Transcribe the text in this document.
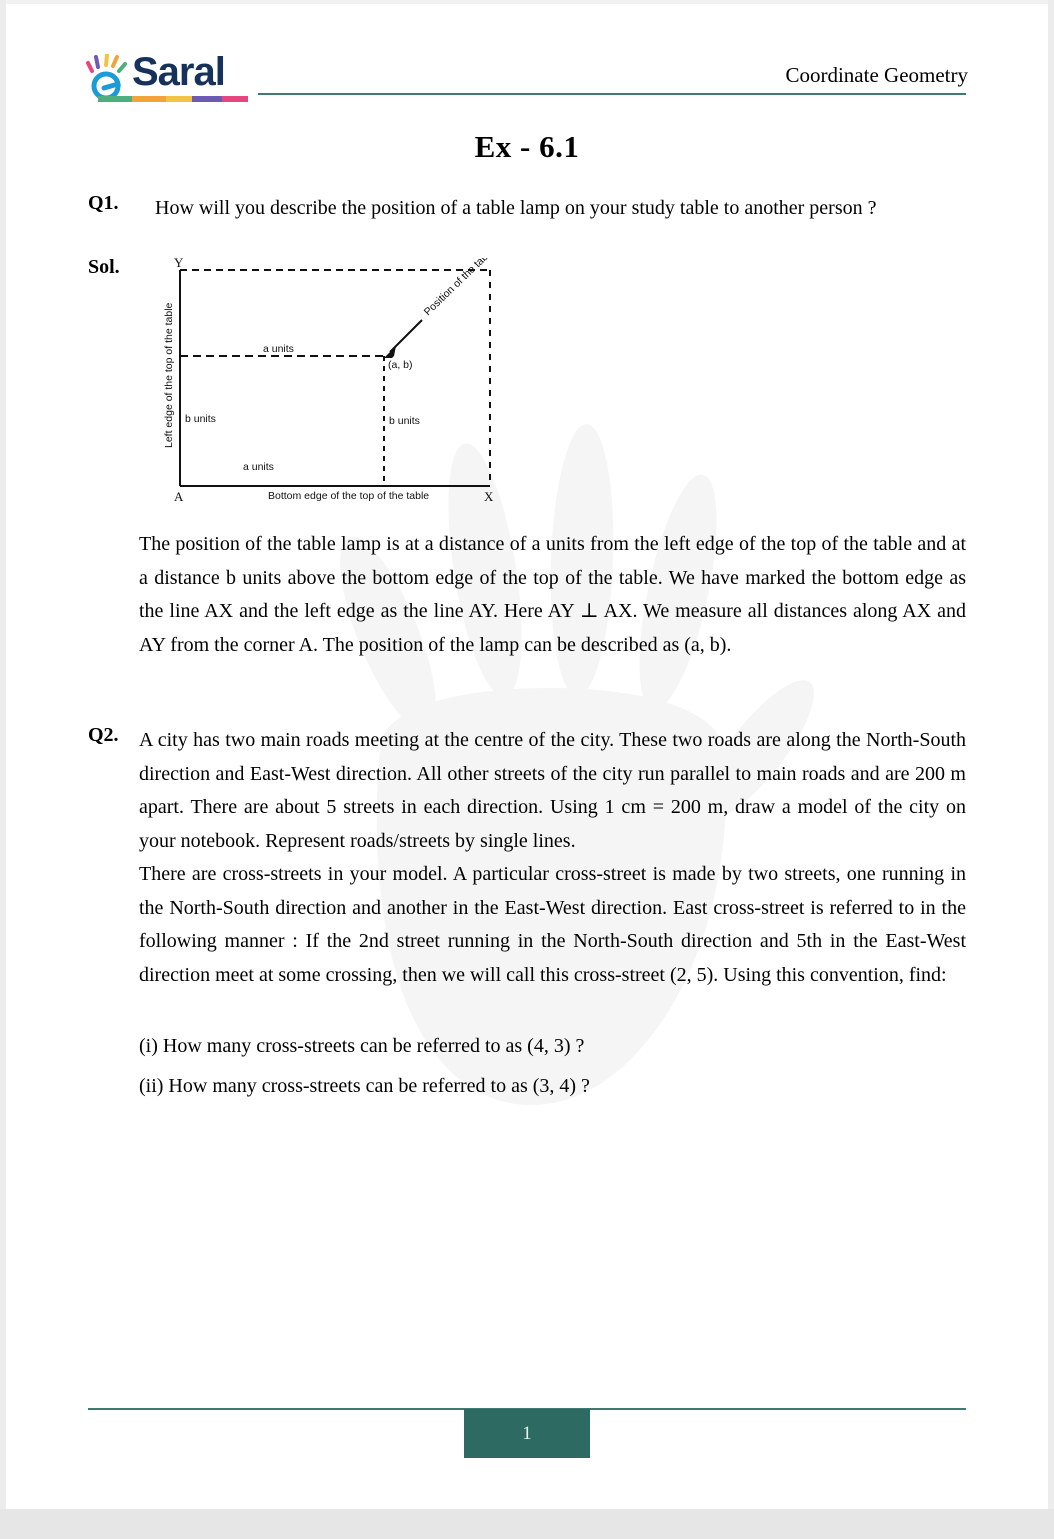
Saral	Coordinate Geometry
Ex - 6.1
Q1. How will you describe the position of a table lamp on your study table to another person ?
Sol.	Position of the table lamp.
Left edge of the top of the table
Bottom edge of the top of the table
A	X
Y
a units
a units
b units	b units
(a, b)
The position of the table lamp is at a distance of a units from the left edge of the top of the table and at a distance b units above the bottom edge of the top of the table. We have marked the bottom edge as the line AX and the left edge as the line AY. Here AY ⊥ AX. We measure all distances along AX and AY from the corner A. The position of the lamp can be described as (a, b).
Q2. A city has two main roads meeting at the centre of the city. These two roads are along the North-South direction and East-West direction. All other streets of the city run parallel to main roads and are 200 m apart. There are about 5 streets in each direction. Using 1 cm = 200 m, draw a model of the city on your notebook. Represent roads/streets by single lines.
There are cross-streets in your model. A particular cross-street is made by two streets, one running in the North-South direction and another in the East-West direction. East cross-street is referred to in the following manner : If the 2nd street running in the North-South direction and 5th in the East-West direction meet at some crossing, then we will call this cross-street (2, 5). Using this convention, find:
(i) How many cross-streets can be referred to as (4, 3) ?
(ii) How many cross-streets can be referred to as (3, 4) ?
1
